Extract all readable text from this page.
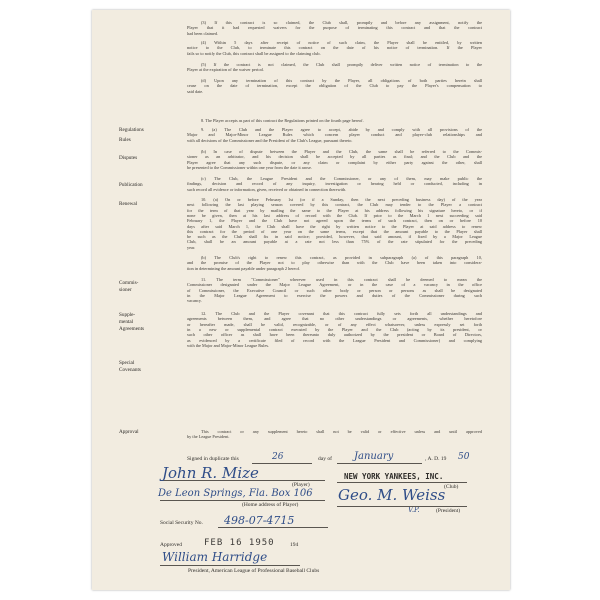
Regulations
Rules
Disputes
Publication
Renewal
Commis-
sioner
Supple-
mental
Agreements
Special
Covenants
Approval
(3) If this contract is so claimed, the Club shall, promptly and before any assignment, notify the
Player that it had requested waivers for the purpose of terminating this contract and that the contract
had been claimed.
(4) Within 5 days after receipt of notice of such claim, the Player shall be entitled, by written
notice to the Club, to terminate this contract on the date of his notice of termination. If the Player
fails so to notify the Club, this contract shall be assigned to the claiming club.
(5) If the contract is not claimed, the Club shall promptly deliver written notice of termination to the
Player at the expiration of the waiver period.
(d) Upon any termination of this contract by the Player, all obligations of both parties herein shall
cease on the date of termination, except the obligation of the Club to pay the Player's compensation to
said date.
8. The Player accepts as part of this contract the Regulations printed on the fourth page hereof.
9. (a) The Club and the Player agree to accept, abide by and comply with all provisions of the
Major and Major-Minor League Rules which concern player conduct and player-club relationships and
with all decisions of the Commissioner and the President of the Club's League, pursuant thereto.
(b) In case of dispute between the Player and the Club, the same shall be referred to the Commis-
sioner as an arbitrator, and his decision shall be accepted by all parties as final; and the Club and the
Player agree that any such dispute, or any claim or complaint by either party against the other, shall
be presented to the Commissioner within one year from the date it arose.
(c) The Club, the League President and the Commissioner, or any of them, may make public the
findings, decision and record of any inquiry, investigation or hearing held or conducted, including in
such record all evidence or information, given, received or obtained in connection therewith.
10. (a) On or before February 1st (or if a Sunday, then the next preceding business day) of the year
next following the last playing season covered by this contract, the Club may tender to the Player a contract
for the term of that year by mailing the same to the Player at his address following his signature hereto, or if
none be given, then at his last address of record with the Club. If prior to the March 1 next succeeding said
February 1, the Player and the Club have not agreed upon the terms of such contract, then on or before 10
days after said March 1, the Club shall have the right by written notice to the Player at said address to renew
this contract for the period of one year on the same terms, except that the amount payable to the Player shall
be such as the Club shall fix in said notice; provided, however, that said amount, if fixed by a Major League
Club, shall be an amount payable at a rate not less than 75% of the rate stipulated for the preceding
year.
(b) The Club's right to renew this contract, as provided in subparagraph (a) of this paragraph 10,
and the promise of the Player not to play otherwise than with the Club have been taken into considera-
tion in determining the amount payable under paragraph 2 hereof.
11. The term "Commissioner" wherever used in this contract shall be deemed to mean the
Commissioner designated under the Major League Agreement, or in the case of a vacancy in the office
of Commissioner, the Executive Council or such other body or person or persons as shall be designated
in the Major League Agreement to exercise the powers and duties of the Commissioner during such
vacancy.
12. The Club and the Player covenant that this contract fully sets forth all understandings and
agreements between them, and agree that no other understandings or agreements, whether heretofore
or hereafter made, shall be valid, recognizable, or of any effect whatsoever, unless expressly set forth
in a new or supplemental contract executed by the Player and the Club (acting by its president, or
such other officer as shall have been thereunto duly authorized by the president or Board of Directors,
as evidenced by a certificate filed of record with the League President and Commissioner) and complying
with the Major and Major-Minor League Rules.
This contract or any supplement hereto shall not be valid or effective unless and until approved
by the League President.
Signed in duplicate this	26	day of January	, A. D. 19 50
John R. Mize
(Player)
De Leon Springs, Fla. Box 106
(Home address of Player)
NEW YORK YANKEES, INC.
(Club)
Geo. M. Weiss
V.P.	(President)
Social Security No. 498-07-4715
Approved FEB 16 1950	194
William Harridge
President, American League of Professional Baseball Clubs
